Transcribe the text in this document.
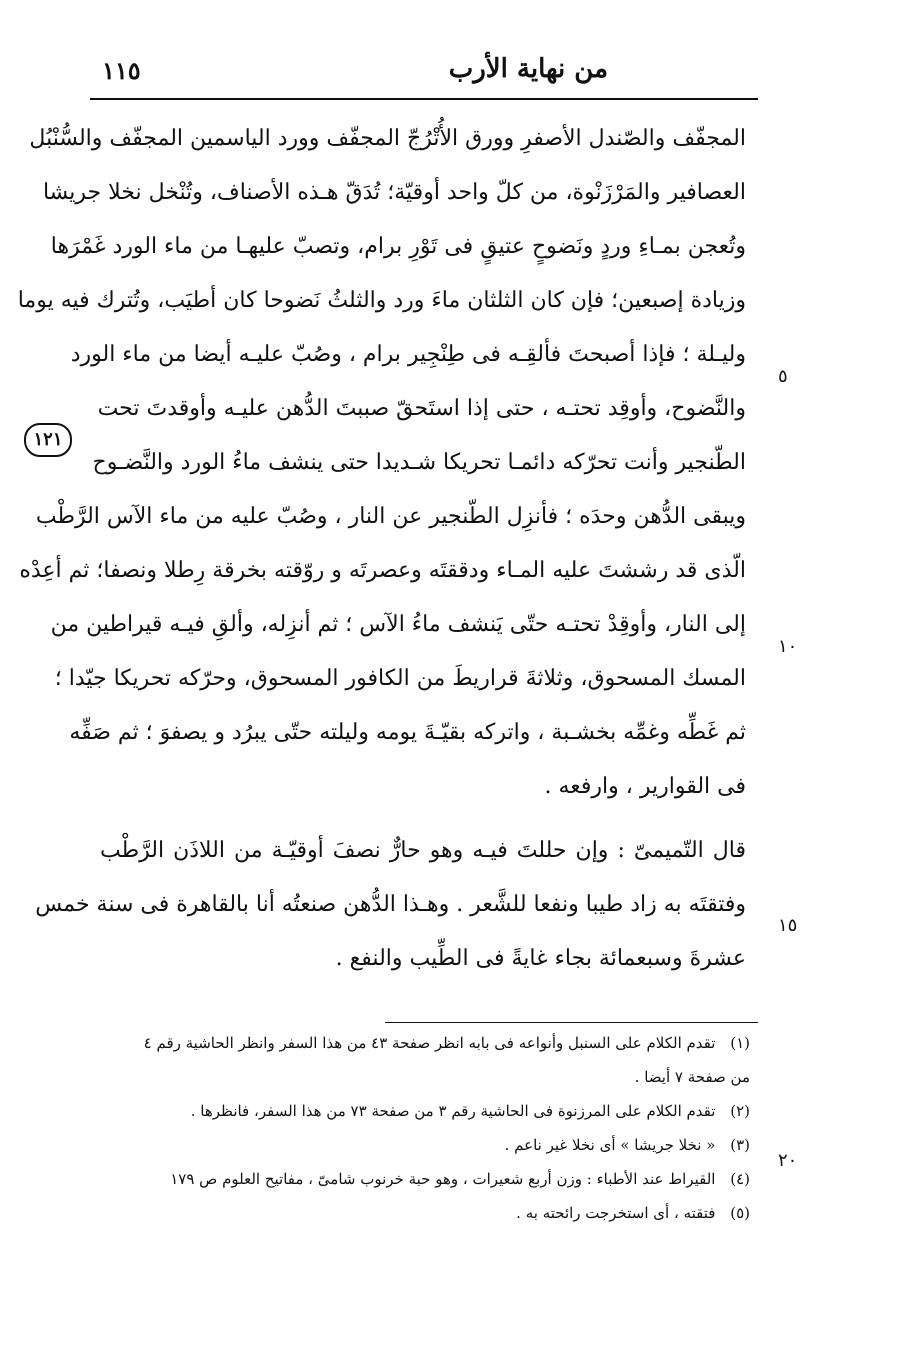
١١٥	من نهاية الأرب
١٢١
٥
١٠
١٥
٢٠
المجفّف والصّندل الأصفرِ وورق الأُتْرُجّ المجفّف وورد الياسمين المجفّف والسُّنْبُل
العصافير والمَرْزَنْوة، من كلّ واحد أوقيّة؛ تُدَقّ هـذه الأصناف، وتُنْخل نخلا جريشا
وتُعجن بمـاءِ وردٍ ونَضوحٍ عتيقٍ فى تَوْرِ برام، وتصبّ عليهـا من ماء الورد غَمْرَها
وزيادة إصبعين؛ فإن كان الثلثان ماءَ ورد والثلثُ نَضوحا كان أطيَب، وتُترك فيه يوما
وليـلة ؛ فإذا أصبحتَ فألقِـه فى طِنْجِير برام ، وصُبّ عليـه أيضا من ماء الورد
والنَّضوح، وأوقِد تحتـه ، حتى إذا استَحقّ صببتَ الدُّهن عليـه وأوقدتَ تحت
الطّنجير وأنت تحرّكه دائمـا تحريكا شـديدا حتى ينشف ماءُ الورد والنَّضـوح
ويبقى الدُّهن وحدَه ؛ فأنزِل الطّنجير عن النار ، وصُبّ عليه من ماء الآس الرَّطْب
الّذى قد رششتَ عليه المـاء ودققتَه وعصرتَه و روّقته بخرقة رِطلا ونصفا؛ ثم أعِدْه
إلى النار، وأوقِدْ تحتـه حتّى يَنشف ماءُ الآس ؛ ثم أنزِله، وألقِ فيـه قيراطين من
المسك المسحوق، وثلاثةَ قراريطَ من الكافور المسحوق، وحرّكه تحريكا جيّدا ؛
ثم غَطِّه وغمِّه بخشـبة ، واتركه بقيّـةَ يومه وليلته حتّى يبرُد و يصفوَ ؛ ثم صَفِّه
فى القوارير ، وارفعه .
قال التّميمىّ : وإن حللتَ فيـه وهو حارٌّ نصفَ أوقيّـة من اللاذَن الرَّطْب
وفتقتَه به زاد طيبا ونفعا للشَّعر . وهـذا الدُّهن صنعتُه أنا بالقاهرة فى سنة خمس
عشرةَ وسبعمائة بجاء غايةً فى الطِّيب والنفع .
(١) تقدم الكلام على السنبل وأنواعه فى بابه انظر صفحة ٤٣ من هذا السفر وانظر الحاشية رقم ٤
من صفحة ٧ أيضا .
(٢) تقدم الكلام على المرزنوة فى الحاشية رقم ٣ من صفحة ٧٣ من هذا السفر، فانظرها .
(٣) « نخلا جريشا » أى نخلا غير ناعم .
(٤) القيراط عند الأطباء : وزن أربع شعيرات ، وهو حبة خرنوب شامىّ ، مفاتيح العلوم ص ١٧٩
(٥) فتقته ، أى استخرجت رائحته به .
